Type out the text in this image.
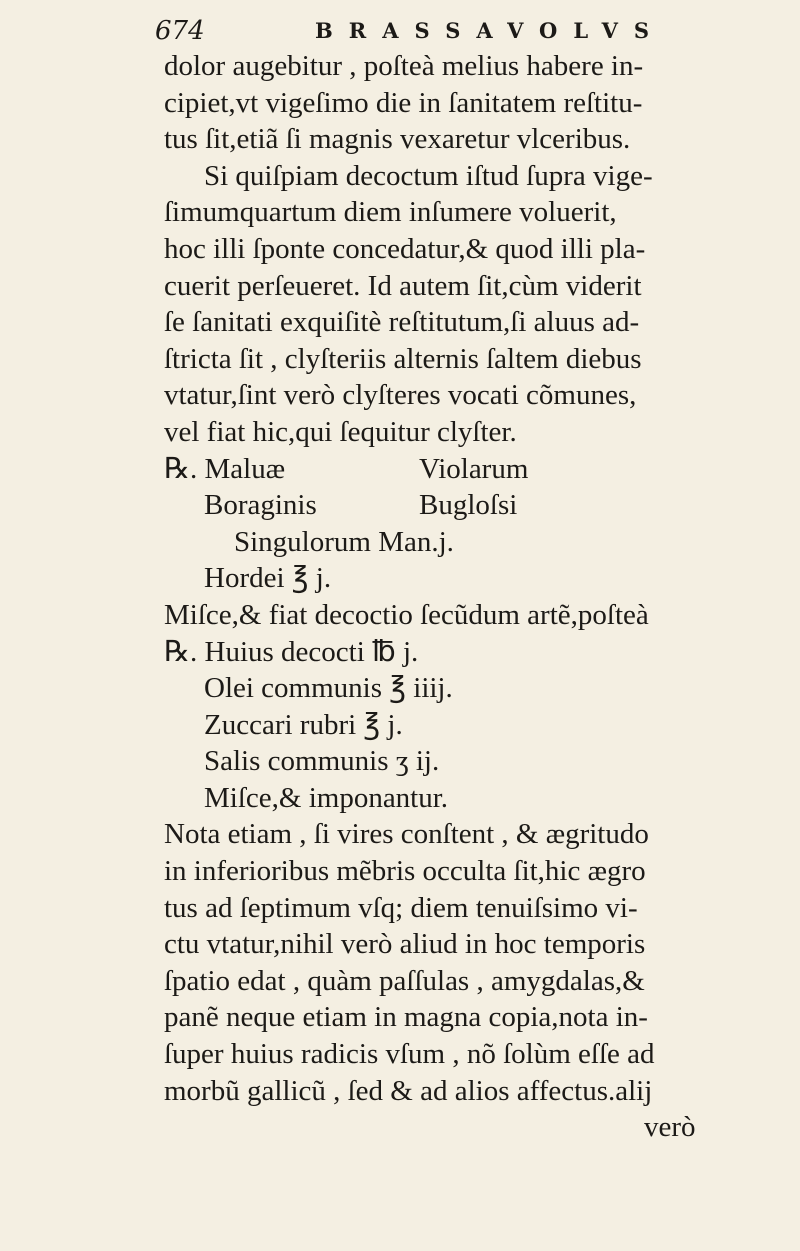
674	BRASSAVOLVS
dolor augebitur , poſteà melius habere in-
cipiet,vt vigeſimo die in ſanitatem reſtitu-
tus ſit,etiã ſi magnis vexaretur vlceribus.
Si quiſpiam decoctum iſtud ſupra vige-
ſimumquartum diem inſumere voluerit,
hoc illi ſponte concedatur,& quod illi pla-
cuerit perſeueret. Id autem ſit,cùm viderit
ſe ſanitati exquiſitè reſtitutum,ſi aluus ad-
ſtricta ſit , clyſteriis alternis ſaltem diebus
vtatur,ſint verò clyſteres vocati cõmunes,
vel fiat hic,qui ſequitur clyſter.
℞. Maluæ	Violarum
Boraginis	Bugloſsi
Singulorum Man.j.
Hordei ℥ j.
Miſce,& fiat decoctio ſecũdum artẽ,poſteà
℞. Huius decocti ℔ j.
Olei communis ℥ iiij.
Zuccari rubri ℥ j.
Salis communis ʒ ij.
Miſce,& imponantur.
Nota etiam , ſi vires conſtent , & ægritudo
in inferioribus mẽbris occulta ſit,hic ægro
tus ad ſeptimum vſq; diem tenuiſsimo vi-
ctu vtatur,nihil verò aliud in hoc temporis
ſpatio edat , quàm paſſulas , amygdalas,&
panẽ neque etiam in magna copia,nota in-
ſuper huius radicis vſum , nõ ſolùm eſſe ad
morbũ gallicũ , ſed & ad alios affectus.alij
verò
